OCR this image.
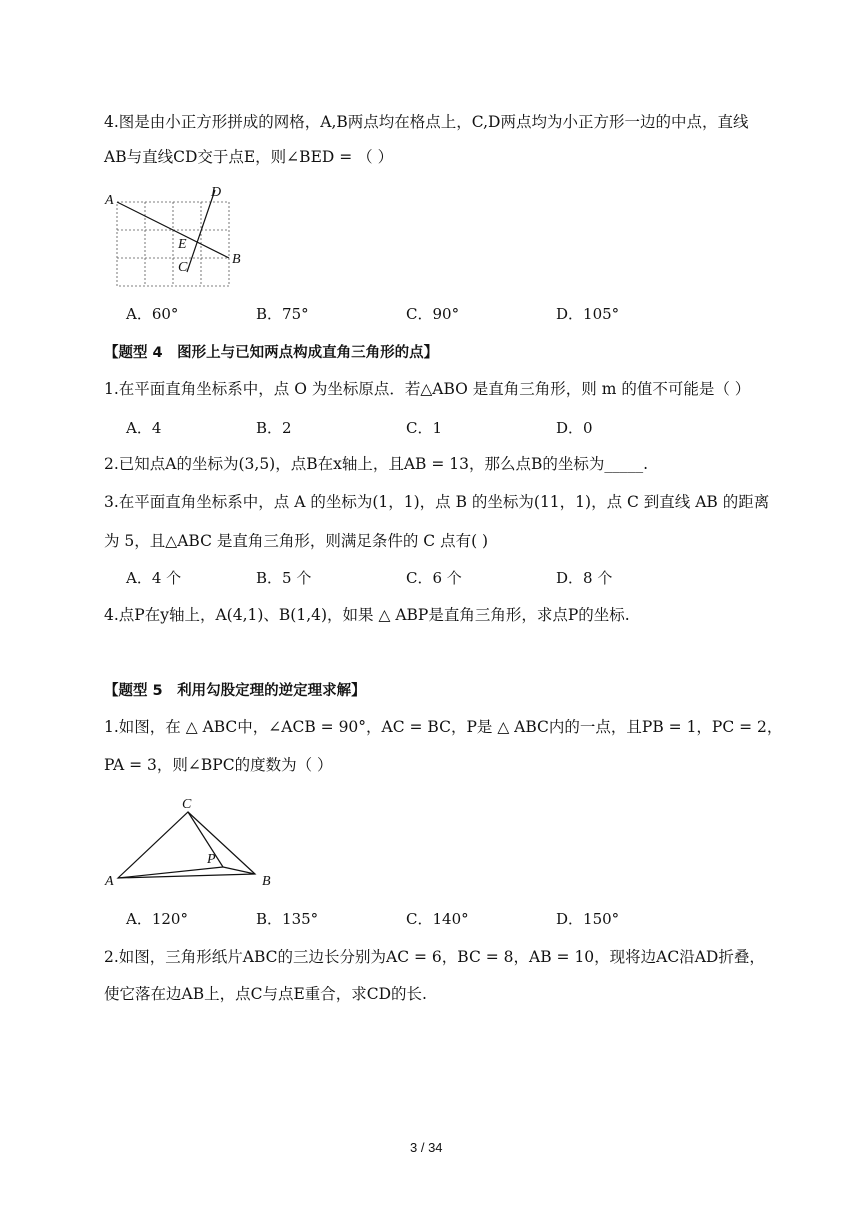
4.图是由小正方形拼成的网格，A,B两点均在格点上，C,D两点均为小正方形一边的中点，直线
AB与直线CD交于点E，则∠BED = （ ）
A
D
E
C
B
A．60°	B．75°	C．90°	D．105°
【题型 4　图形上与已知两点构成直角三角形的点】
1.在平面直角坐标系中，点 O 为坐标原点．若△ABO 是直角三角形，则 m 的值不可能是（ ）
A．4	B．2	C．1	D．0
2.已知点A的坐标为(3,5)，点B在x轴上，且AB = 13，那么点B的坐标为_____.
3.在平面直角坐标系中，点 A 的坐标为(1，1)，点 B 的坐标为(11，1)，点 C 到直线 AB 的距离
为 5，且△ABC 是直角三角形，则满足条件的 C 点有( )
A．4 个	B．5 个	C．6 个	D．8 个
4.点P在y轴上，A(4,1)、B(1,4)，如果 △ ABP是直角三角形，求点P的坐标.
【题型 5　利用勾股定理的逆定理求解】
1.如图，在 △ ABC中，∠ACB = 90°，AC = BC，P是 △ ABC内的一点，且PB = 1，PC = 2，
PA = 3，则∠BPC的度数为（ ）
C
P
A	B
A．120°	B．135°	C．140°	D．150°
2.如图，三角形纸片ABC的三边长分别为AC = 6，BC = 8，AB = 10，现将边AC沿AD折叠，
使它落在边AB上，点C与点E重合，求CD的长.
3 / 34
